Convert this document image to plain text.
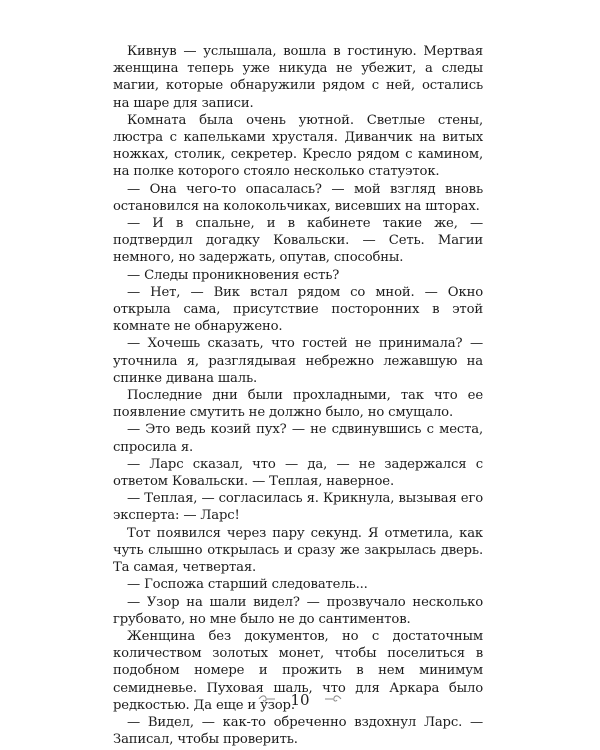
Кивнув — услышала, вошла в гостиную. Мертвая женщина теперь уже никуда не убежит, а следы магии, которые обнаружили рядом с ней, остались на шаре для записи.

Комната была очень уютной. Светлые стены, люстра с капельками хрусталя. Диванчик на витых ножках, столик, секретер. Кресло рядом с камином, на полке которого стояло несколько статуэток.

— Она чего-то опасалась? — мой взгляд вновь остановился на колокольчиках, висевших на шторах.

— И в спальне, и в кабинете такие же, — подтвердил догадку Ковальски. — Сеть. Магии немного, но задержать, опутав, способны.

— Следы проникновения есть?

— Нет, — Вик встал рядом со мной. — Окно открыла сама, присутствие посторонних в этой комнате не обнаружено.

— Хочешь сказать, что гостей не принимала? — уточнила я, разглядывая небрежно лежавшую на спинке дивана шаль.

Последние дни были прохладными, так что ее появление смутить не должно было, но смущало.

— Это ведь козий пух? — не сдвинувшись с места, спросила я.

— Ларс сказал, что — да, — не задержался с ответом Ковальски. — Теплая, наверное.

— Теплая, — согласилась я. Крикнула, вызывая его эксперта: — Ларс!

Тот появился через пару секунд. Я отметила, как чуть слышно открылась и сразу же закрылась дверь. Та самая, четвертая.

— Госпожа старший следователь...

— Узор на шали видел? — прозвучало несколько грубовато, но мне было не до сантиментов.

Женщина без документов, но с достаточным количеством золотых монет, чтобы поселиться в подобном номере и прожить в нем минимум семидневье. Пуховая шаль, что для Аркара было редкостью. Да еще и узор.

— Видел, — как-то обреченно вздохнул Ларс. — Записал, чтобы проверить.

10
